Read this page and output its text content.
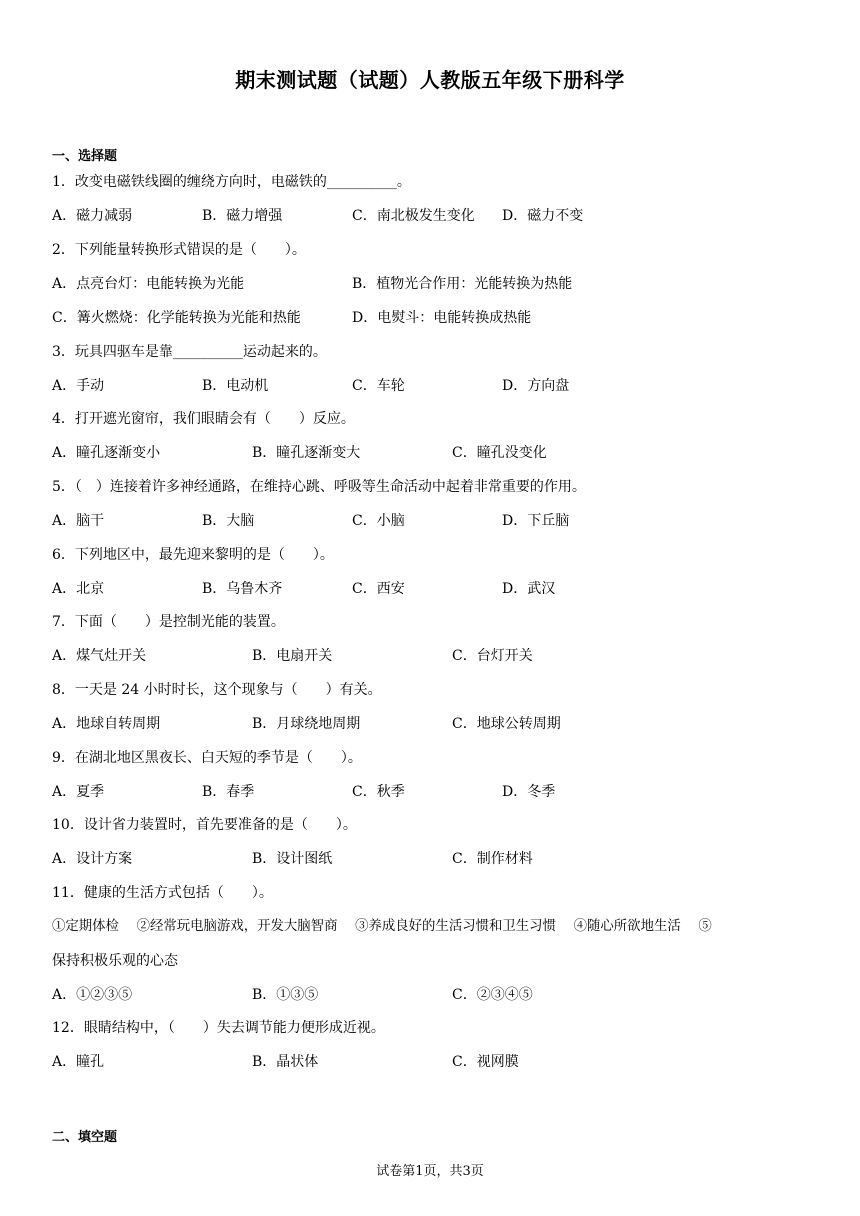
期末测试题（试题）人教版五年级下册科学
一、选择题
1．改变电磁铁线圈的缠绕方向时，电磁铁的__________。
A．磁力减弱	B．磁力增强	C．南北极发生变化 D．磁力不变
2．下列能量转换形式错误的是（　　）。
A．点亮台灯：电能转换为光能	B．植物光合作用：光能转换为热能
C．篝火燃烧：化学能转换为光能和热能	D．电熨斗：电能转换成热能
3．玩具四驱车是靠__________运动起来的。
A．手动	B．电动机	C．车轮	D．方向盘
4．打开遮光窗帘，我们眼睛会有（　　）反应。
A．瞳孔逐渐变小	B．瞳孔逐渐变大	C．瞳孔没变化
5．（　）连接着许多神经通路，在维持心跳、呼吸等生命活动中起着非常重要的作用。
A．脑干	B．大脑	C．小脑	D．下丘脑
6．下列地区中，最先迎来黎明的是（　　）。
A．北京	B．乌鲁木齐	C．西安	D．武汉
7．下面（　　）是控制光能的装置。
A．煤气灶开关	B．电扇开关	C．台灯开关
8．一天是 24 小时时长，这个现象与（　　）有关。
A．地球自转周期	B．月球绕地周期	C．地球公转周期
9．在湖北地区黑夜长、白天短的季节是（　　）。
A．夏季	B．春季	C．秋季	D．冬季
10．设计省力装置时，首先要准备的是（　　）。
A．设计方案	B．设计图纸	C．制作材料
11．健康的生活方式包括（　　）。
①定期体检　 ②经常玩电脑游戏，开发大脑智商　 ③养成良好的生活习惯和卫生习惯　 ④随心所欲地生活　 ⑤
保持积极乐观的心态
A．①②③⑤	B．①③⑤	C．②③④⑤
12．眼睛结构中，（　　）失去调节能力便形成近视。
A．瞳孔	B．晶状体	C．视网膜
二、填空题
试卷第1页，共3页
